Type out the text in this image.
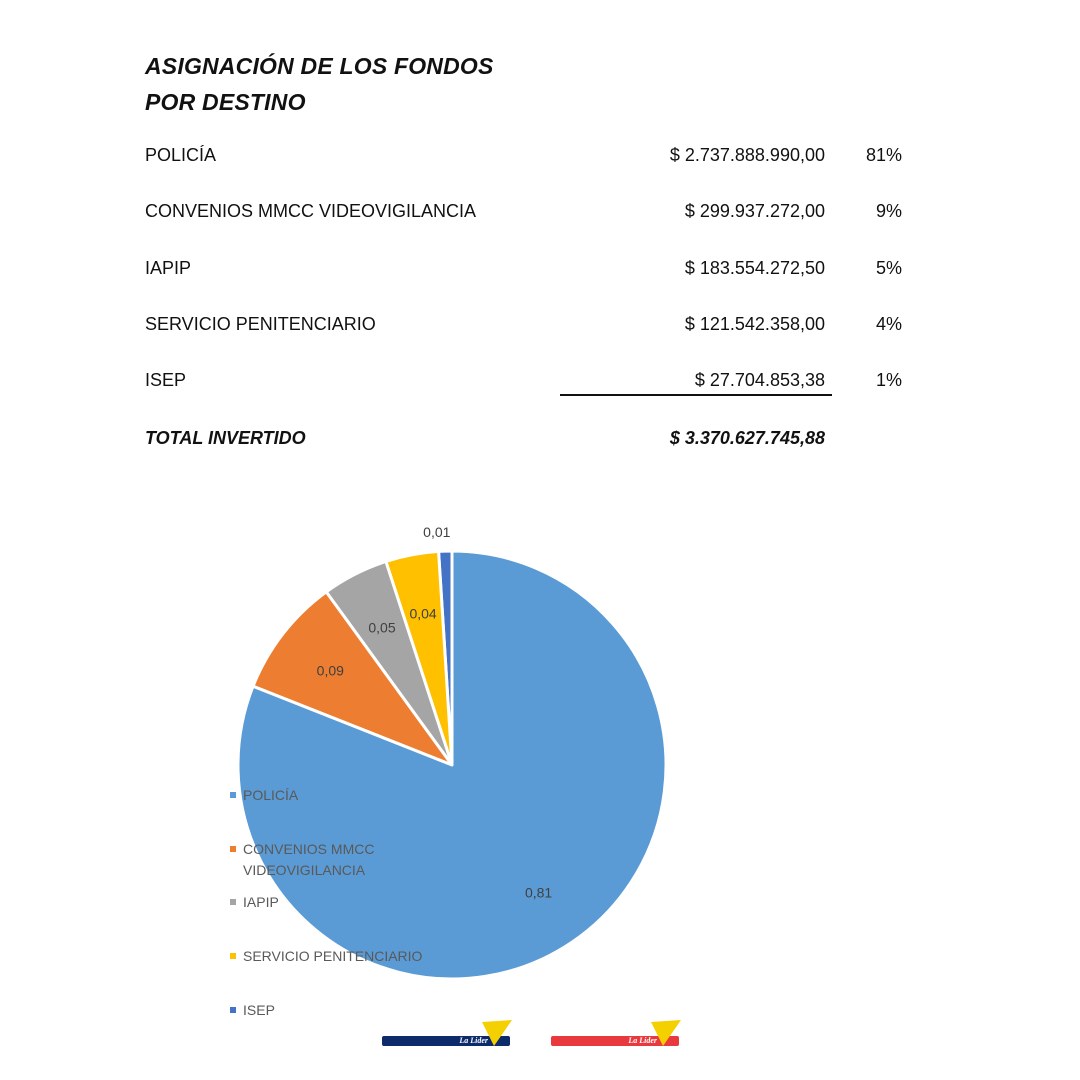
ASIGNACIÓN DE LOS FONDOS
POR DESTINO
POLICÍA	$ 2.737.888.990,00 81%
CONVENIOS MMCC VIDEOVIGILANCIA	$ 299.937.272,00	9%
IAPIP	$ 183.554.272,50	5%
SERVICIO PENITENCIARIO	$ 121.542.358,00	4%
ISEP	$ 27.704.853,38	1%
TOTAL INVERTIDO	$ 3.370.627.745,88
0,81
0,09
0,05
0,04
0,01
POLICÍA
CONVENIOS MMCC
VIDEOVIGILANCIA
IAPIP
SERVICIO PENITENCIARIO
ISEP
La Lider	La Lider
